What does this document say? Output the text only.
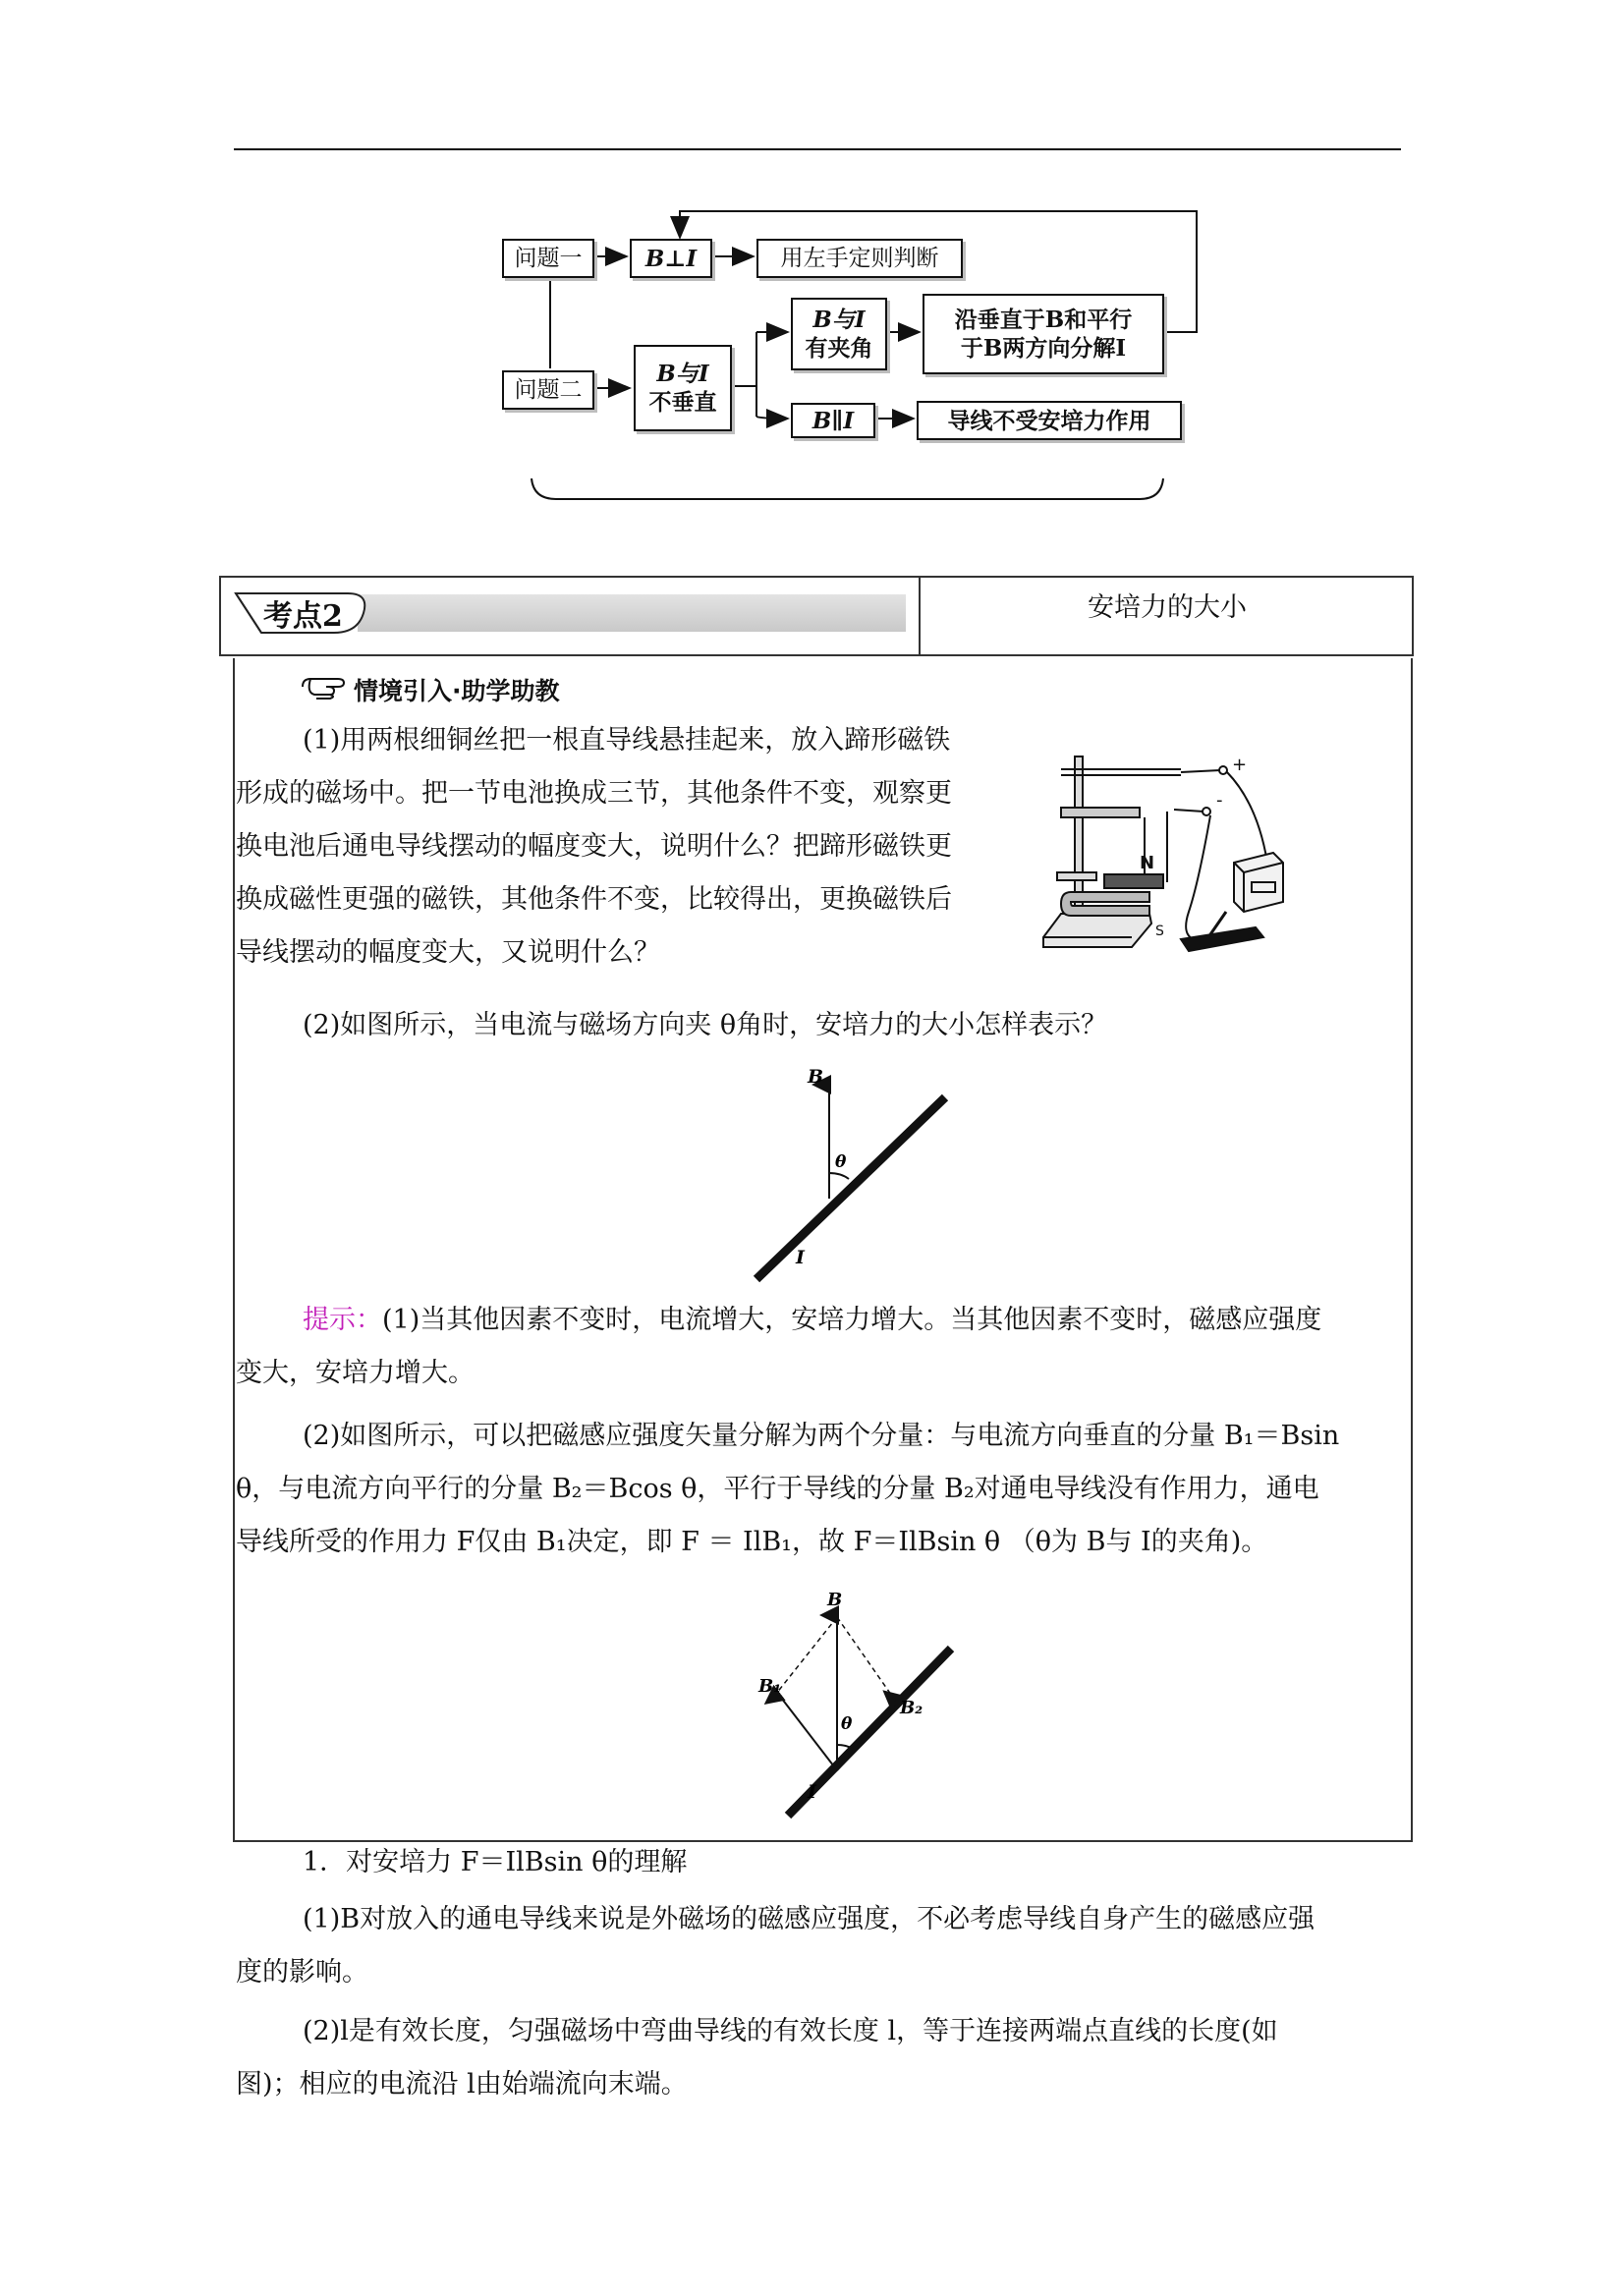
问题一	B⊥I	用左手定则判断
问题二
B与I
不垂直
B与I
有夹角
沿垂直于B和平行
于B两方向分解I
B∥I	导线不受安培力作用
考点2	安培力的大小
情境引入·助学助教
(1)用两根细铜丝把一根直导线悬挂起来，放入蹄形磁铁
形成的磁场中。把一节电池换成三节，其他条件不变，观察更
换电池后通电导线摆动的幅度变大，说明什么？把蹄形磁铁更
换成磁性更强的磁铁，其他条件不变，比较得出，更换磁铁后
导线摆动的幅度变大，又说明什么？
N
S
+
-
(2)如图所示，当电流与磁场方向夹 θ角时，安培力的大小怎样表示？
B
θ
I
提示：(1)当其他因素不变时，电流增大，安培力增大。当其他因素不变时，磁感应强度
变大，安培力增大。
(2)如图所示，可以把磁感应强度矢量分解为两个分量：与电流方向垂直的分量 B₁＝Bsin
θ，与电流方向平行的分量 B₂＝Bcos θ，平行于导线的分量 B₂对通电导线没有作用力，通电
导线所受的作用力 F仅由 B₁决定，即 F ＝ IlB₁，故 F＝IlBsin θ （θ为 B与 I的夹角)。
B
B₁
θ
B₂
I
1．对安培力 F＝IlBsin θ的理解
(1)B对放入的通电导线来说是外磁场的磁感应强度，不必考虑导线自身产生的磁感应强
度的影响。
(2)l是有效长度，匀强磁场中弯曲导线的有效长度 l，等于连接两端点直线的长度(如
图)；相应的电流沿 l由始端流向末端。
